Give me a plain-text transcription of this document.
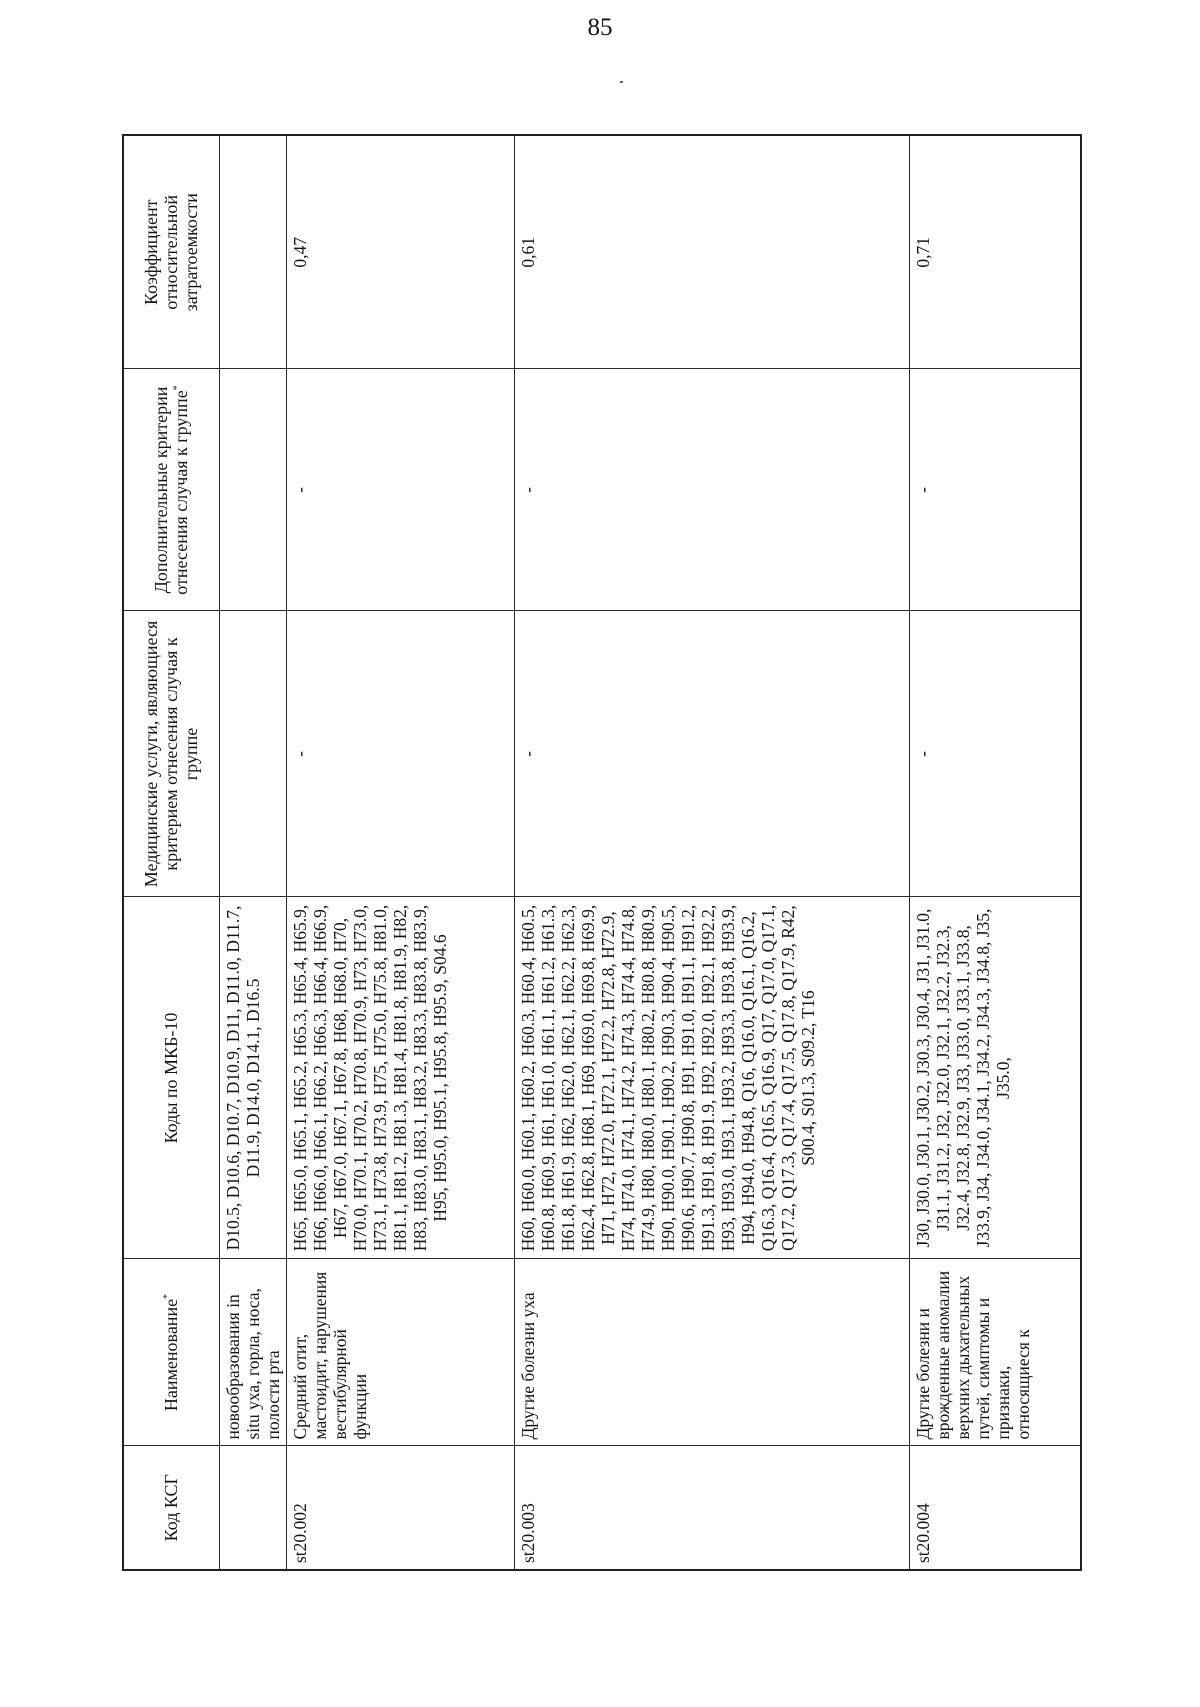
85
Код КСГ	Наименование*	Коды по МКБ-10	Медицинские услуги, являющиеся критерием отнесения случая к группе	Дополнительные критерии отнесения случая к группе*	Коэффициент относительной затратоемкости
	новообразования in situ уха, горла, носа, полости рта	D10.5, D10.6, D10.7, D10.9, D11, D11.0, D11.7, D11.9, D14.0, D14.1, D16.5			
st20.002	Средний отит, мастоидит, нарушения вестибулярной функции	H65, H65.0, H65.1, H65.2, H65.3, H65.4, H65.9, H66, H66.0, H66.1, H66.2, H66.3, H66.4, H66.9, H67, H67.0, H67.1, H67.8, H68, H68.0, H70, H70.0, H70.1, H70.2, H70.8, H70.9, H73, H73.0, H73.1, H73.8, H73.9, H75, H75.0, H75.8, H81.0, H81.1, H81.2, H81.3, H81.4, H81.8, H81.9, H82, H83, H83.0, H83.1, H83.2, H83.3, H83.8, H83.9, H95, H95.0, H95.1, H95.8, H95.9, S04.6	-	-	0,47
st20.003	Другие болезни уха	H60, H60.0, H60.1, H60.2, H60.3, H60.4, H60.5, H60.8, H60.9, H61, H61.0, H61.1, H61.2, H61.3, H61.8, H61.9, H62, H62.0, H62.1, H62.2, H62.3, H62.4, H62.8, H68.1, H69, H69.0, H69.8, H69.9, H71, H72, H72.0, H72.1, H72.2, H72.8, H72.9, H74, H74.0, H74.1, H74.2, H74.3, H74.4, H74.8, H74.9, H80, H80.0, H80.1, H80.2, H80.8, H80.9, H90, H90.0, H90.1, H90.2, H90.3, H90.4, H90.5, H90.6, H90.7, H90.8, H91, H91.0, H91.1, H91.2, H91.3, H91.8, H91.9, H92, H92.0, H92.1, H92.2, H93, H93.0, H93.1, H93.2, H93.3, H93.8, H93.9, H94, H94.0, H94.8, Q16, Q16.0, Q16.1, Q16.2, Q16.3, Q16.4, Q16.5, Q16.9, Q17, Q17.0, Q17.1, Q17.2, Q17.3, Q17.4, Q17.5, Q17.8, Q17.9, R42, S00.4, S01.3, S09.2, T16	-	-	0,61
st20.004	Другие болезни и врожденные аномалии верхних дыхательных путей, симптомы и признаки, относящиеся к	J30, J30.0, J30.1, J30.2, J30.3, J30.4, J31, J31.0, J31.1, J31.2, J32, J32.0, J32.1, J32.2, J32.3, J32.4, J32.8, J32.9, J33, J33.0, J33.1, J33.8, J33.9, J34, J34.0, J34.1, J34.2, J34.3, J34.8, J35, J35.0,	-	-	0,71
